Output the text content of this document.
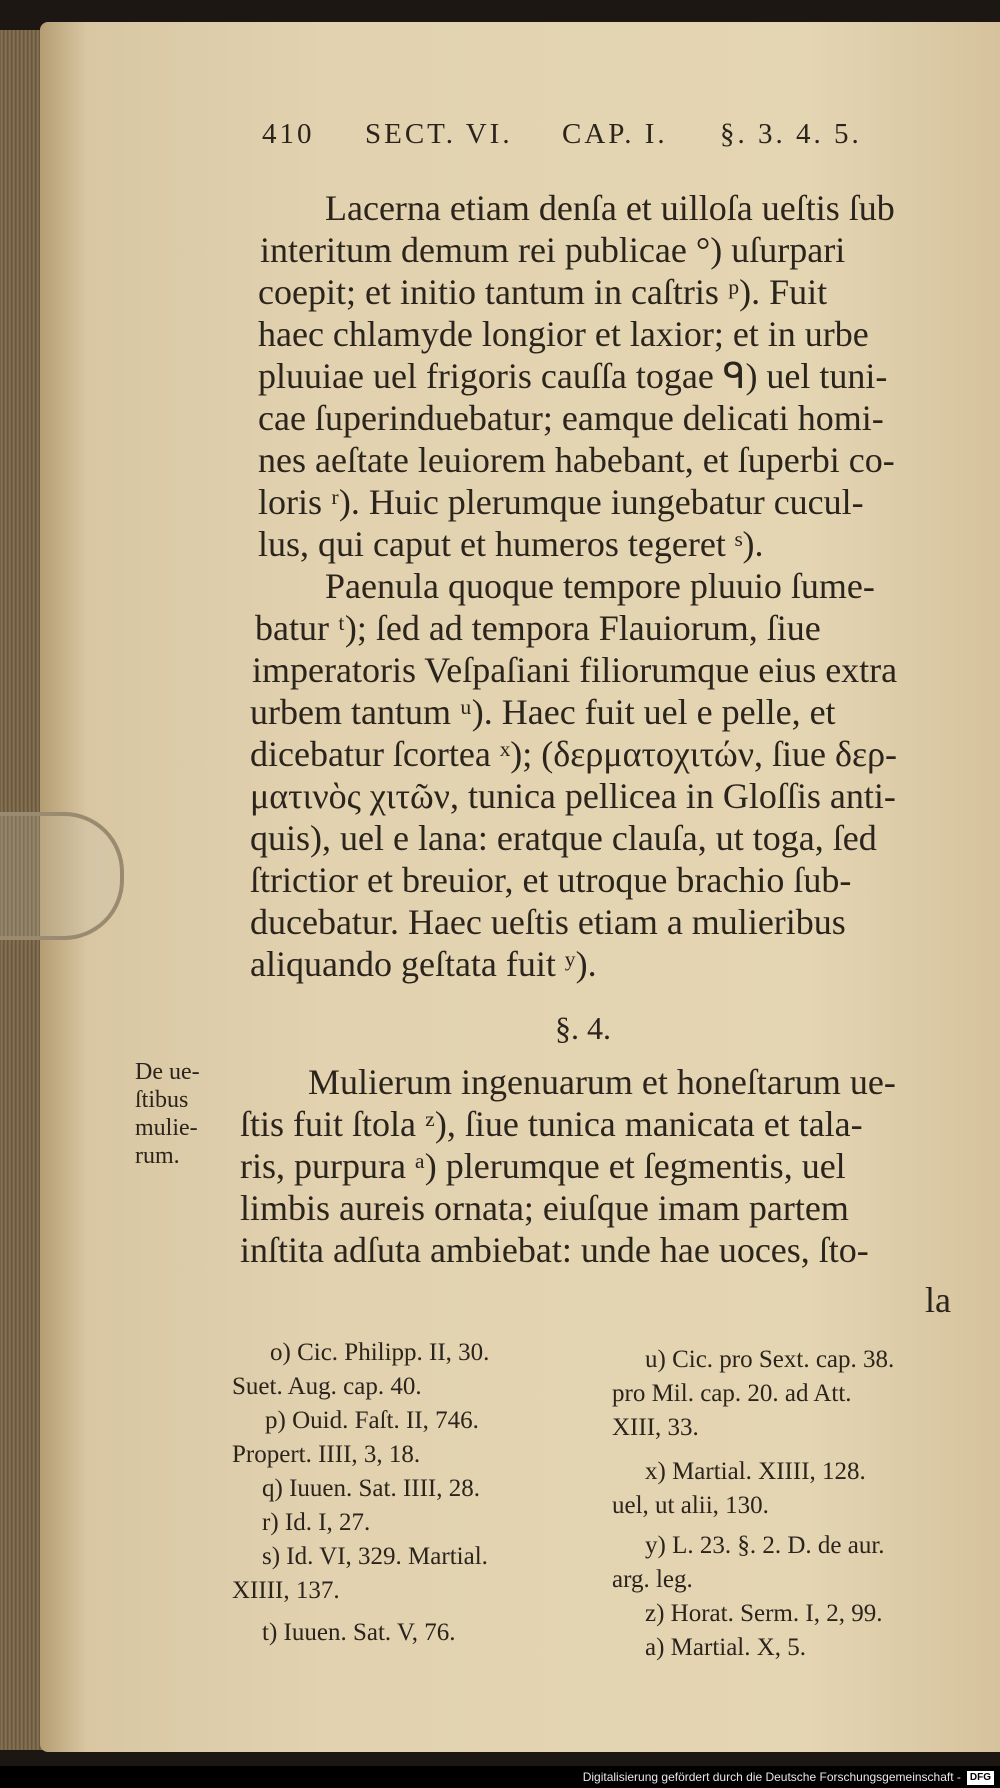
410 SECT. VI. CAP. I. §. 3. 4. 5.
Lacerna etiam denſa et uilloſa ueſtis ſub
interitum demum rei publicae °) uſurpari
coepit; et initio tantum in caſtris ᵖ). Fuit
haec chlamyde longior et laxior; et in urbe
pluuiae uel frigoris cauſſa togae ᑫ) uel tuni-
cae ſuperinduebatur; eamque delicati homi-
nes aeſtate leuiorem habebant, et ſuperbi co-
loris ʳ). Huic plerumque iungebatur cucul-
lus, qui caput et humeros tegeret ˢ).
Paenula quoque tempore pluuio ſume-
batur ᵗ); ſed ad tempora Flauiorum, ſiue
imperatoris Veſpaſiani filiorumque eius extra
urbem tantum ᵘ). Haec fuit uel e pelle, et
dicebatur ſcortea ˣ); (δερματοχιτών, ſiue δερ-
ματινὸς χιτῶν, tunica pellicea in Gloſſis anti-
quis), uel e lana: eratque clauſa, ut toga, ſed
ſtrictior et breuior, et utroque brachio ſub-
ducebatur. Haec ueſtis etiam a mulieribus
aliquando geſtata fuit ʸ).
§. 4.
De ue-
ſtibus
mulie-
rum.
Mulierum ingenuarum et honeſtarum ue-
ſtis fuit ſtola ᶻ), ſiue tunica manicata et tala-
ris, purpura ᵃ) plerumque et ſegmentis, uel
limbis aureis ornata; eiuſque imam partem
inſtita adſuta ambiebat: unde hae uoces, ſto-
la
o) Cic. Philipp. II, 30.
Suet. Aug. cap. 40.
p) Ouid. Faſt. II, 746.
Propert. IIII, 3, 18.
q) Iuuen. Sat. IIII, 28.
r) Id. I, 27.
s) Id. VI, 329. Martial.
XIIII, 137.
t) Iuuen. Sat. V, 76.
u) Cic. pro Sext. cap. 38.
pro Mil. cap. 20. ad Att.
XIII, 33.
x) Martial. XIIII, 128.
uel, ut alii, 130.
y) L. 23. §. 2. D. de aur.
arg. leg.
z) Horat. Serm. I, 2, 99.
a) Martial. X, 5.
Digitalisierung gefördert durch die Deutsche Forschungsgemeinschaft - DFG
